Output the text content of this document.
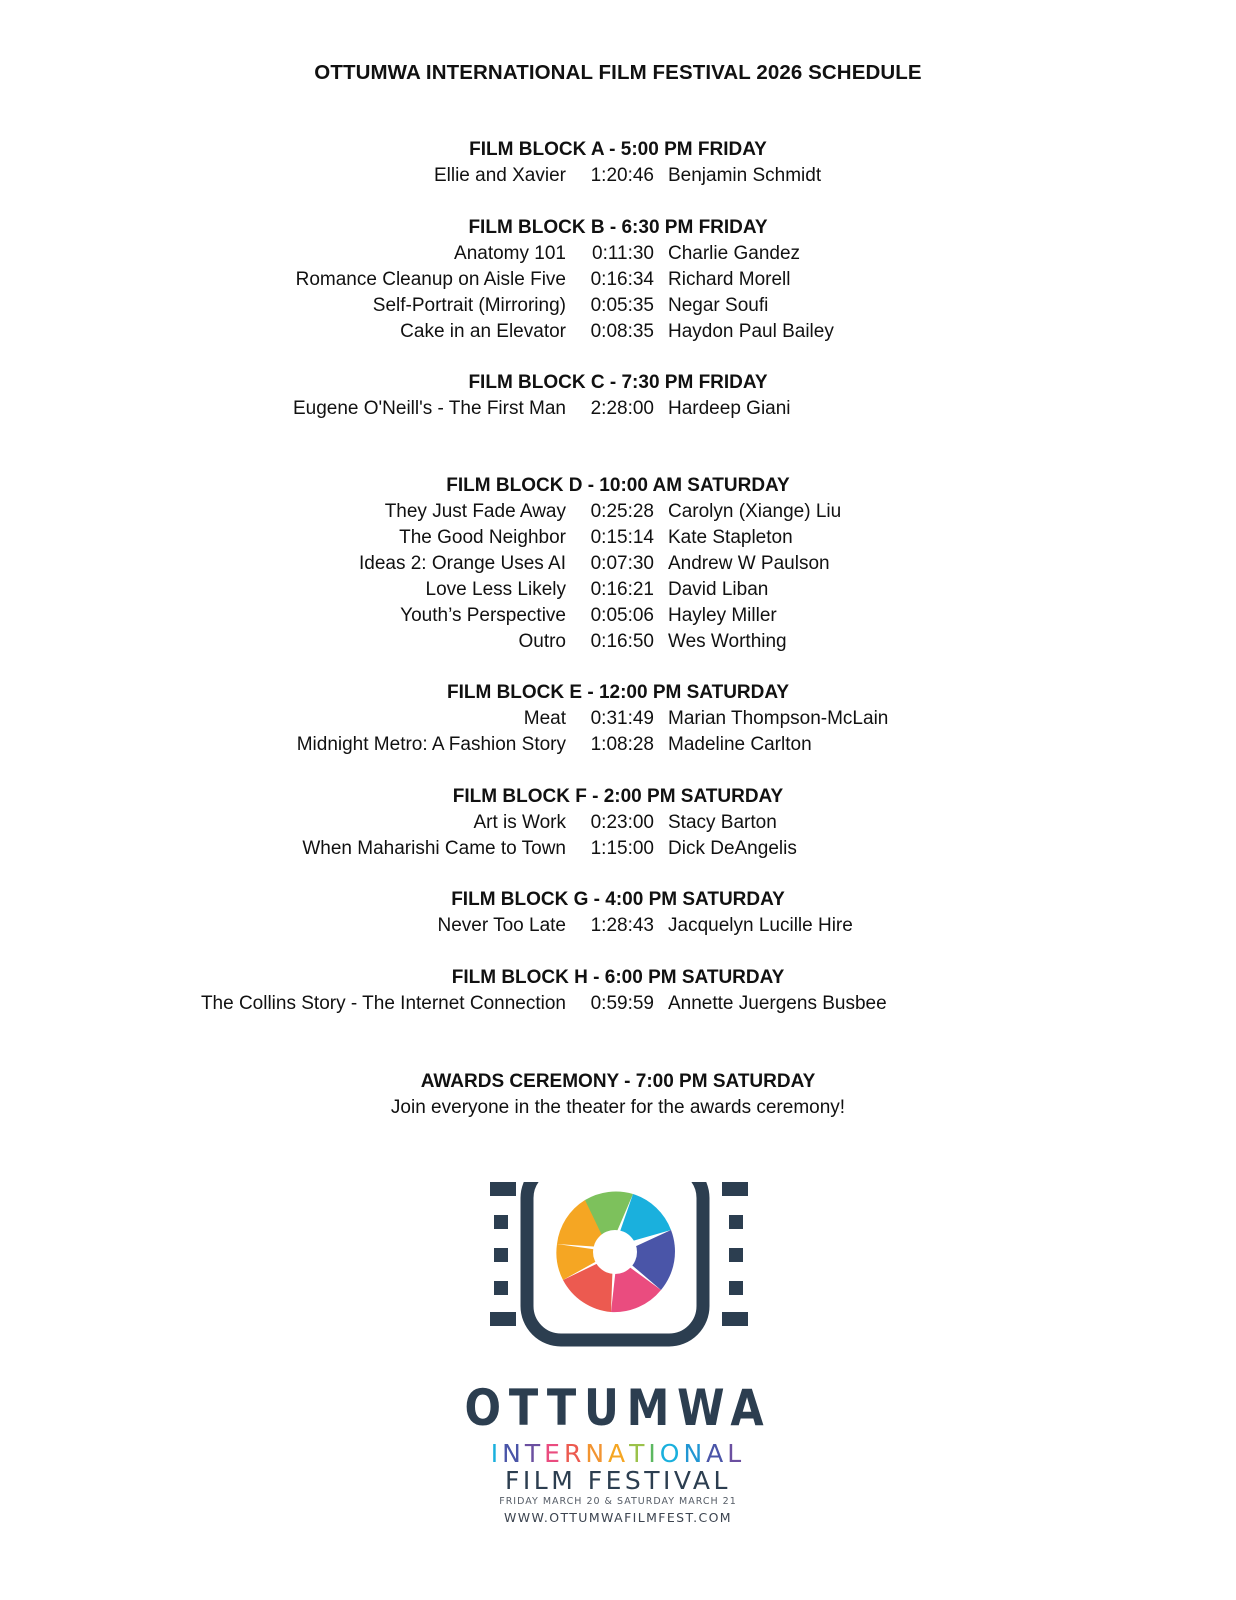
OTTUMWA INTERNATIONAL FILM FESTIVAL 2026 SCHEDULE
FILM BLOCK A - 5:00 PM FRIDAY
Ellie and Xavier	1:20:46 Benjamin Schmidt
FILM BLOCK B - 6:30 PM FRIDAY
Anatomy 101	0:11:30 Charlie Gandez
Romance Cleanup on Aisle Five	0:16:34 Richard Morell
Self-Portrait (Mirroring)	0:05:35 Negar Soufi
Cake in an Elevator	0:08:35 Haydon Paul Bailey
FILM BLOCK C - 7:30 PM FRIDAY
Eugene O'Neill's - The First Man	2:28:00 Hardeep Giani
FILM BLOCK D - 10:00 AM SATURDAY
They Just Fade Away	0:25:28 Carolyn (Xiange) Liu
The Good Neighbor	0:15:14 Kate Stapleton
Ideas 2: Orange Uses AI	0:07:30 Andrew W Paulson
Love Less Likely	0:16:21 David Liban
Youth’s Perspective	0:05:06 Hayley Miller
Outro	0:16:50 Wes Worthing
FILM BLOCK E - 12:00 PM SATURDAY
Meat	0:31:49 Marian Thompson-McLain
Midnight Metro: A Fashion Story	1:08:28 Madeline Carlton
FILM BLOCK F - 2:00 PM SATURDAY
Art is Work	0:23:00 Stacy Barton
When Maharishi Came to Town	1:15:00 Dick DeAngelis
FILM BLOCK G - 4:00 PM SATURDAY
Never Too Late	1:28:43 Jacquelyn Lucille Hire
FILM BLOCK H - 6:00 PM SATURDAY
The Collins Story - The Internet Connection	0:59:59 Annette Juergens Busbee
AWARDS CEREMONY - 7:00 PM SATURDAY
Join everyone in the theater for the awards ceremony!
OTTUMWA
INTERNATIONAL
FILM FESTIVAL
FRIDAY MARCH 20 & SATURDAY MARCH 21
WWW.OTTUMWAFILMFEST.COM
